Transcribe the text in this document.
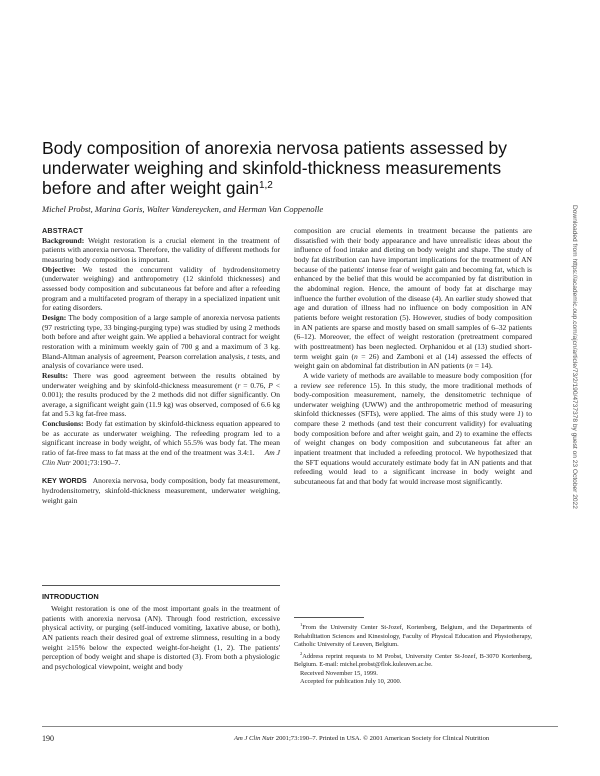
Body composition of anorexia nervosa patients assessed by underwater weighing and skinfold-thickness measurements before and after weight gain$^{1,2}$
Michel Probst, Marina Goris, Walter Vandereycken, and Herman Van Coppenolle
ABSTRACT

Background: Weight restoration is a crucial element in the treatment of patients with anorexia nervosa. Therefore, the validity of different methods for measuring body composition is important.

Objective: We tested the concurrent validity of hydrodensitometry (underwater weighing) and anthropometry (12 skinfold thicknesses) and assessed body composition and subcutaneous fat before and after a refeeding program and a multifaceted program of therapy in a specialized inpatient unit for eating disorders.

Design: The body composition of a large sample of anorexia nervosa patients (97 restricting type, 33 binging-purging type) was studied by using 2 methods both before and after weight gain. We applied a behavioral contract for weight restoration with a minimum weekly gain of 700 g and a maximum of 3 kg. Bland-Altman analysis of agreement, Pearson correlation analysis, t tests, and analysis of covariance were used.

Results: There was good agreement between the results obtained by underwater weighing and by skinfold-thickness measurement (r = 0.76, P < 0.001); the results produced by the 2 methods did not differ significantly. On average, a significant weight gain (11.9 kg) was observed, composed of 6.6 kg fat and 5.3 kg fat-free mass.

Conclusions: Body fat estimation by skinfold-thickness equation appeared to be as accurate as underwater weighing. The refeeding program led to a significant increase in body weight, of which 55.5% was body fat. The mean ratio of fat-free mass to fat mass at the end of the treatment was 3.4:1. Am J Clin Nutr 2001;73:190–7.

KEY WORDS Anorexia nervosa, body composition, body fat measurement, hydrodensitometry, skinfold-thickness measurement, underwater weighing, weight gain

INTRODUCTION

Weight restoration is one of the most important goals in the treatment of patients with anorexia nervosa (AN). Through food restriction, excessive physical activity, or purging (self-induced vomiting, laxative abuse, or both), AN patients reach their desired goal of extreme slimness, resulting in a body weight ≥15% below the expected weight-for-height (1, 2). The patients' perception of body weight and shape is distorted (3). From both a physiologic and psychological viewpoint, weight and body

composition are crucial elements in treatment because the patients are dissatisfied with their body appearance and have unrealistic ideas about the influence of food intake and dieting on body weight and shape. The study of body fat distribution can have important implications for the treatment of AN because of the patients' intense fear of weight gain and becoming fat, which is enhanced by the belief that this would be accompanied by fat distribution in the abdominal region. Hence, the amount of body fat at discharge may influence the further evolution of the disease (4). An earlier study showed that age and duration of illness had no influence on body composition in AN patients before weight restoration (5). However, studies of body composition in AN patients are sparse and mostly based on small samples of 6–32 patients (6–12). Moreover, the effect of weight restoration (pretreatment compared with posttreatment) has been neglected. Orphanidou et al (13) studied short-term weight gain (n = 26) and Zamboni et al (14) assessed the effects of weight gain on abdominal fat distribution in AN patients (n = 14).

A wide variety of methods are available to measure body composition (for a review see reference 15). In this study, the more traditional methods of body-composition measurement, namely, the densitometric technique of underwater weighing (UWW) and the anthropometric method of measuring skinfold thicknesses (SFTs), were applied. The aims of this study were 1) to compare these 2 methods (and test their concurrent validity) for evaluating body composition before and after weight gain, and 2) to examine the effects of weight changes on body composition and subcutaneous fat after an inpatient treatment that included a refeeding protocol. We hypothesized that the SFT equations would accurately estimate body fat in AN patients and that refeeding would lead to a significant increase in body weight and subcutaneous fat and that body fat would increase most significantly.

$^1$From the University Center St-Jozef, Kortenberg, Belgium, and the Departments of Rehabilitation Sciences and Kinesiology, Faculty of Physical Education and Physiotherapy, Catholic University of Leuven, Belgium.

$^2$Address reprint requests to M Probst, University Center St-Jozef, B-3070 Kortenberg, Belgium. E-mail: michel.probst@flok.kuleuven.ac.be.

Received November 15, 1999.

Accepted for publication July 10, 2000.

190	Am J Clin Nutr 2001;73:190–7. Printed in USA. © 2001 American Society for Clinical Nutrition
Downloaded from https://academic.oup.com/ajcn/article/73/2/190/4737378 by guest on 23 October 2022
